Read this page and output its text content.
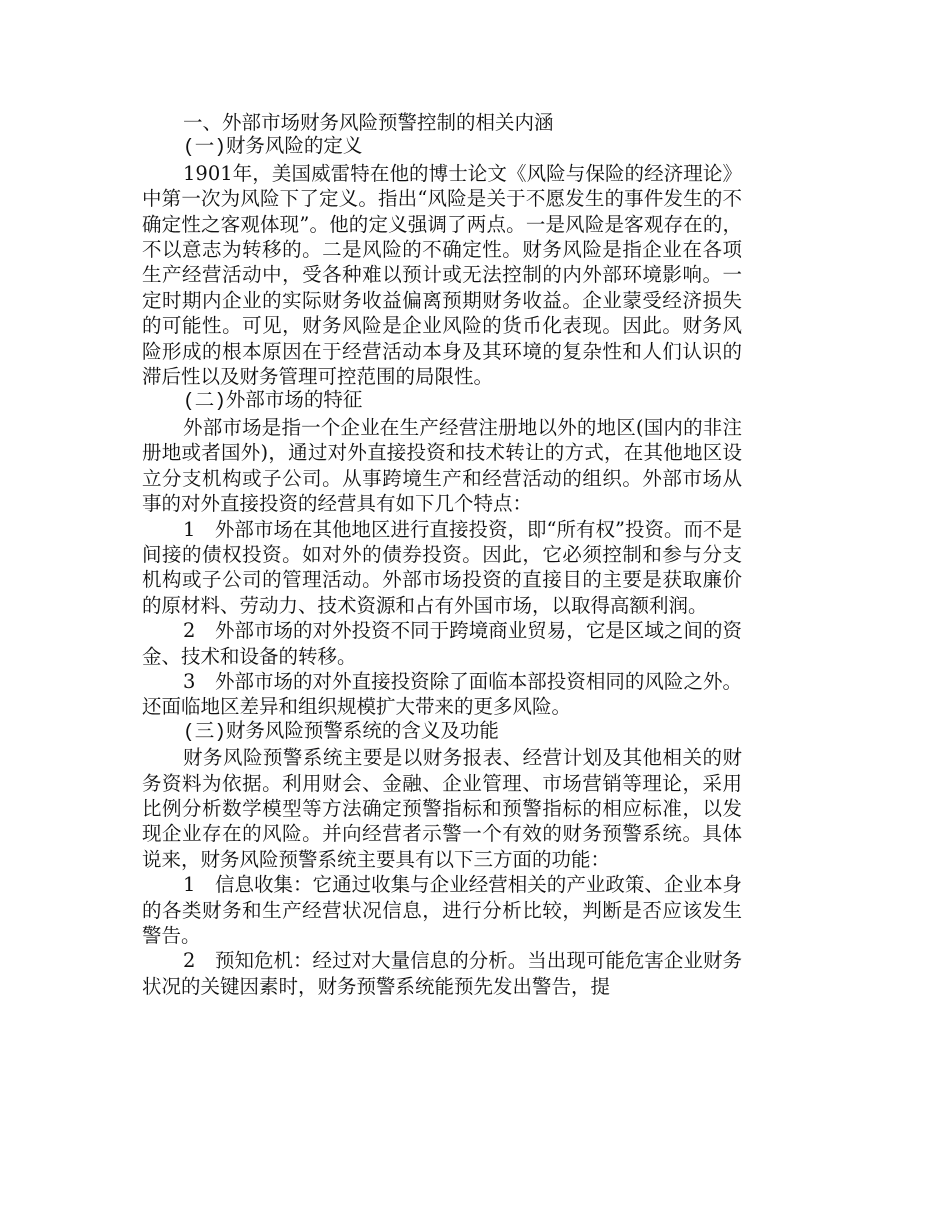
一、外部市场财务风险预警控制的相关内涵

(一)财务风险的定义

1901年，美国威雷特在他的博士论文《风险与保险的经济理论》中第一次为风险下了定义。指出“风险是关于不愿发生的事件发生的不确定性之客观体现”。他的定义强调了两点。一是风险是客观存在的，不以意志为转移的。二是风险的不确定性。财务风险是指企业在各项生产经营活动中，受各种难以预计或无法控制的内外部环境影响。一定时期内企业的实际财务收益偏离预期财务收益。企业蒙受经济损失的可能性。可见，财务风险是企业风险的货币化表现。因此。财务风险形成的根本原因在于经营活动本身及其环境的复杂性和人们认识的滞后性以及财务管理可控范围的局限性。

(二)外部市场的特征

外部市场是指一个企业在生产经营注册地以外的地区(国内的非注册地或者国外)，通过对外直接投资和技术转让的方式，在其他地区设立分支机构或子公司。从事跨境生产和经营活动的组织。外部市场从事的对外直接投资的经营具有如下几个特点：

1　外部市场在其他地区进行直接投资，即“所有权”投资。而不是间接的债权投资。如对外的债券投资。因此，它必须控制和参与分支机构或子公司的管理活动。外部市场投资的直接目的主要是获取廉价的原材料、劳动力、技术资源和占有外国市场，以取得高额利润。

2　外部市场的对外投资不同于跨境商业贸易，它是区域之间的资金、技术和设备的转移。

3　外部市场的对外直接投资除了面临本部投资相同的风险之外。还面临地区差异和组织规模扩大带来的更多风险。

(三)财务风险预警系统的含义及功能

财务风险预警系统主要是以财务报表、经营计划及其他相关的财务资料为依据。利用财会、金融、企业管理、市场营销等理论，采用比例分析数学模型等方法确定预警指标和预警指标的相应标准，以发现企业存在的风险。并向经营者示警一个有效的财务预警系统。具体说来，财务风险预警系统主要具有以下三方面的功能：

1　信息收集：它通过收集与企业经营相关的产业政策、企业本身的各类财务和生产经营状况信息，进行分析比较，判断是否应该发生警告。

2　预知危机：经过对大量信息的分析。当出现可能危害企业财务状况的关键因素时，财务预警系统能预先发出警告，提
